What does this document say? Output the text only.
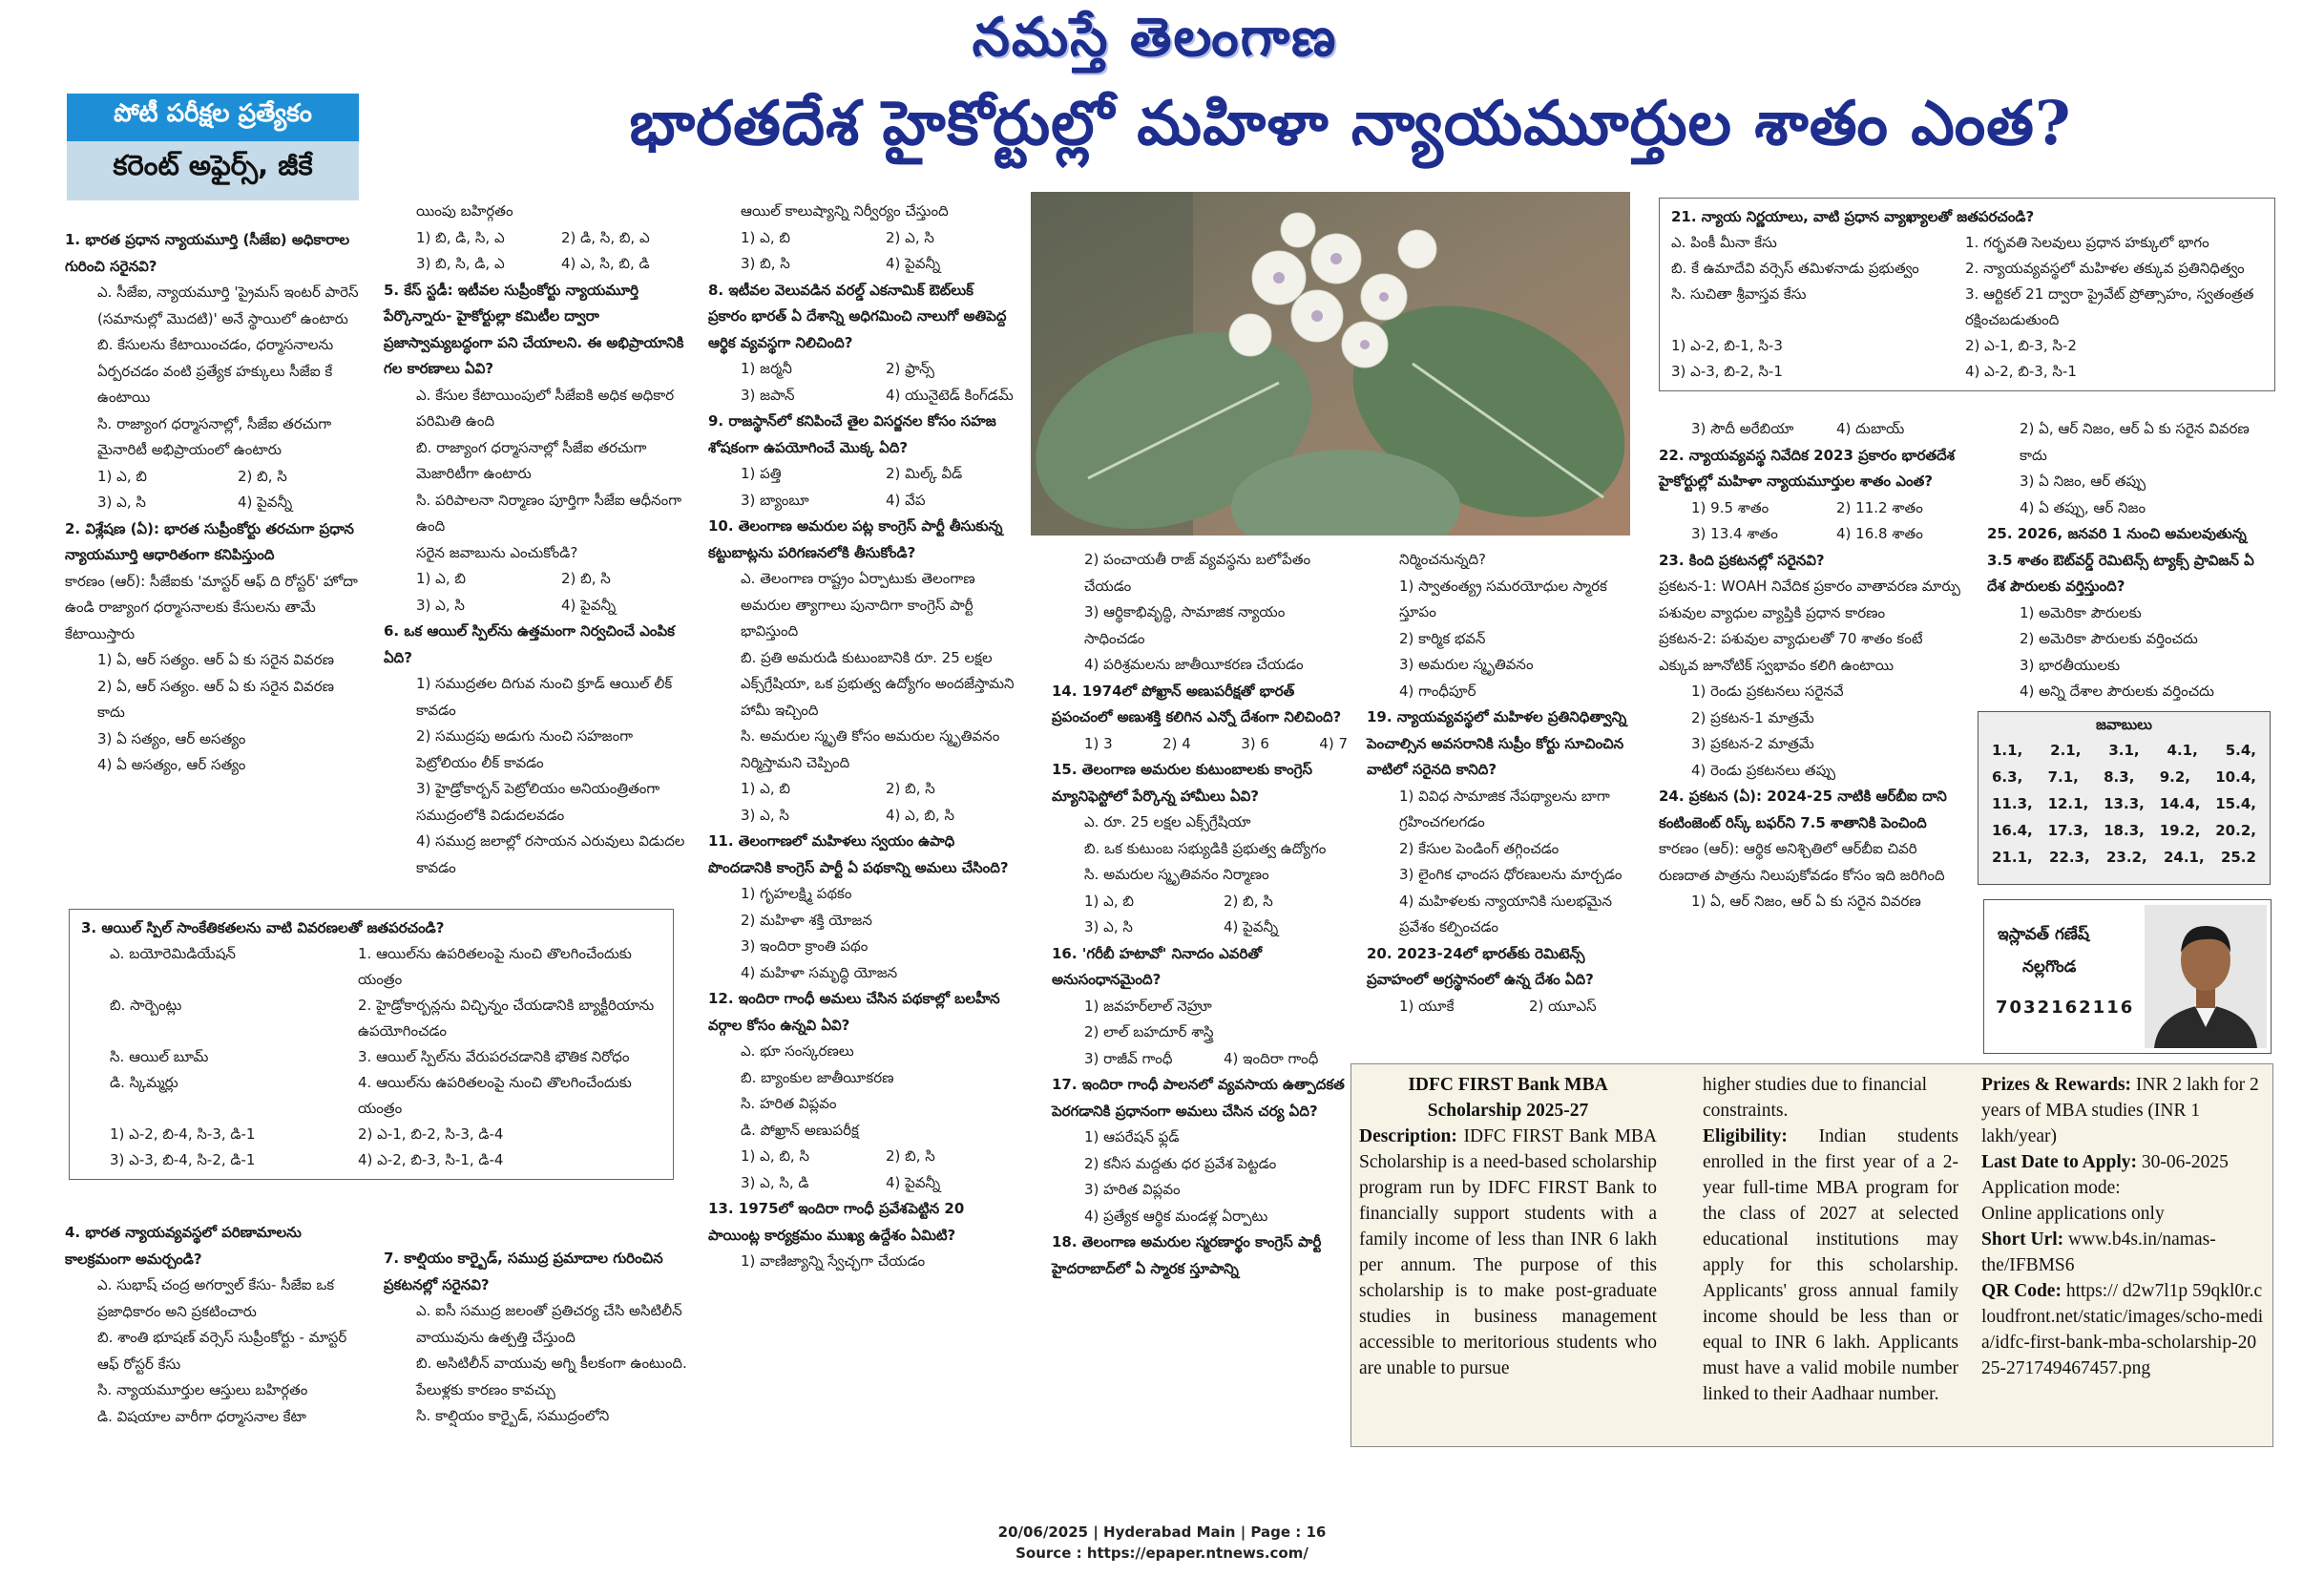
నమస్తే తెలంగాణ
పోటీ పరీక్షల ప్రత్యేకం
కరెంట్ అఫైర్స్, జీకే
భారతదేశ హైకోర్టుల్లో మహిళా న్యాయమూర్తుల శాతం ఎంత?

1. భారత ప్రధాన న్యాయమూర్తి (సీజేఐ) అధికారాల గురించి సరైనవి?

ఎ. సీజేఐ, న్యాయమూర్తి 'ప్రైమస్ ఇంటర్ పారెస్ (సమానుల్లో మొదటి)' అనే స్థాయిలో ఉంటారు

బి. కేసులను కేటాయించడం, ధర్మాసనాలను ఏర్పరచడం వంటి ప్రత్యేక హక్కులు సీజేఐ కే ఉంటాయి

సి. రాజ్యాంగ ధర్మాసనాల్లో, సీజేఐ తరచుగా మైనారిటీ అభిప్రాయంలో ఉంటారు

1) ఎ, బి	2) బి, సి
3) ఎ, సి	4) పైవన్నీ

2. విశ్లేషణ (ఏ): భారత సుప్రీంకోర్టు తరచుగా ప్రధాన న్యాయమూర్తి ఆధారితంగా కనిపిస్తుంది

కారణం (ఆర్): సీజేఐకు 'మాస్టర్ ఆఫ్ ది రోస్టర్' హోదా ఉండి రాజ్యాంగ ధర్మాసనాలకు కేసులను తామే కేటాయిస్తారు

1) ఏ, ఆర్ సత్యం. ఆర్ ఏ కు సరైన వివరణ

2) ఏ, ఆర్ సత్యం. ఆర్ ఏ కు సరైన వివరణ కాదు

3) ఏ సత్యం, ఆర్ అసత్యం

4) ఏ అసత్యం, ఆర్ సత్యం

3. ఆయిల్ స్పిల్ సాంకేతికతలను వాటి వివరణలతో జతపరచండి?

ఎ. బయోరెమిడియేషన్	1. ఆయిల్‌ను ఉపరితలంపై నుంచి తొలగించేందుకు యంత్రం
బి. సార్బెంట్లు	2. హైడ్రోకార్బన్లను విచ్ఛిన్నం చేయడానికి బ్యాక్టీరియాను ఉపయోగించడం
సి. ఆయిల్ బూమ్	3. ఆయిల్ స్పిల్‌ను వేరుపరచడానికి భౌతిక నిరోధం
డి. స్కిమ్మర్లు	4. ఆయిల్‌ను ఉపరితలంపై నుంచి తొలగించేందుకు యంత్రం
1) ఎ-2, బి-4, సి-3, డి-1	2) ఎ-1, బి-2, సి-3, డి-4
3) ఎ-3, బి-4, సి-2, డి-1	4) ఎ-2, బి-3, సి-1, డి-4

4. భారత న్యాయవ్యవస్థలో పరిణామాలను కాలక్రమంగా అమర్చండి?

ఎ. సుభాష్ చంద్ర అగర్వాల్ కేసు- సీజేఐ ఒక ప్రజాధికారం అని ప్రకటించారు

బి. శాంతి భూషణ్ వర్సెస్ సుప్రీంకోర్టు - మాస్టర్ ఆఫ్ రోస్టర్ కేసు

సి. న్యాయమూర్తుల ఆస్తులు బహిర్గతం

డి. విషయాల వారీగా ధర్మాసనాల కేటా

యింపు బహిర్గతం

1) బి, డి, సి, ఎ	2) డి, సి, బి, ఎ
3) బి, సి, డి, ఎ	4) ఎ, సి, బి, డి

5. కేస్ స్టడీ: ఇటీవల సుప్రీంకోర్టు న్యాయమూర్తి పేర్కొన్నారు- హైకోర్టుల్లా కమిటీల ద్వారా ప్రజాస్వామ్యబద్ధంగా పని చేయాలని. ఈ అభిప్రాయానికి గల కారణాలు ఏవి?

ఎ. కేసుల కేటాయింపులో సీజేఐకి అధిక అధికార పరిమితి ఉంది

బి. రాజ్యాంగ ధర్మాసనాల్లో సీజేఐ తరచుగా మెజారిటీగా ఉంటారు

సి. పరిపాలనా నిర్మాణం పూర్తిగా సీజేఐ ఆధీనంగా ఉంది

సరైన జవాబును ఎంచుకోండి?

1) ఎ, బి	2) బి, సి
3) ఎ, సి	4) పైవన్నీ

6. ఒక ఆయిల్ స్పిల్‌ను ఉత్తమంగా నిర్వచించే ఎంపిక ఏది?

1) సముద్రతల దిగువ నుంచి క్రూడ్ ఆయిల్ లీక్ కావడం

2) సముద్రపు అడుగు నుంచి సహజంగా పెట్రోలియం లీక్ కావడం

3) హైడ్రోకార్బన్ పెట్రోలియం అనియంత్రితంగా సముద్రంలోకి విడుదలవడం

4) సముద్ర జలాల్లో రసాయన ఎరువులు విడుదల కావడం

7. కాల్షియం కార్బైడ్, సముద్ర ప్రమాదాల గురించిన ప్రకటనల్లో సరైనవి?

ఎ. ఐసీ సముద్ర జలంతో ప్రతిచర్య చేసి అసిటిలీన్ వాయువును ఉత్పత్తి చేస్తుంది

బి. అసిటిలీన్ వాయువు అగ్ని కీలకంగా ఉంటుంది. పేలుళ్లకు కారణం కావచ్చు

సి. కాల్షియం కార్బైడ్, సముద్రంలోని

ఆయిల్ కాలుష్యాన్ని నిర్వీర్యం చేస్తుంది

1) ఎ, బి	2) ఎ, సి
3) బి, సి	4) పైవన్నీ

8. ఇటీవల వెలువడిన వరల్డ్ ఎకనామిక్ ఔట్‌లుక్ ప్రకారం భారత్ ఏ దేశాన్ని అధిగమించి నాలుగో అతిపెద్ద ఆర్థిక వ్యవస్థగా నిలిచింది?

1) జర్మనీ	2) ఫ్రాన్స్
3) జపాన్	4) యునైటెడ్ కింగ్‌డమ్

9. రాజస్థాన్‌లో కనిపించే తైల విసర్జనల కోసం సహజ శోషకంగా ఉపయోగించే మొక్క ఏది?

1) పత్తి	2) మిల్క్ వీడ్
3) బ్యాంబూ	4) వేప

10. తెలంగాణ అమరుల పట్ల కాంగ్రెస్ పార్టీ తీసుకున్న కట్టుబాట్లను పరిగణనలోకి తీసుకోండి?

ఎ. తెలంగాణ రాష్ట్రం ఏర్పాటుకు తెలంగాణ అమరుల త్యాగాలు పునాదిగా కాంగ్రెస్ పార్టీ భావిస్తుంది

బి. ప్రతి అమరుడి కుటుంబానికి రూ. 25 లక్షల ఎక్స్‌గ్రేషియా, ఒక ప్రభుత్వ ఉద్యోగం అందజేస్తామని హామీ ఇచ్చింది

సి. అమరుల స్మృతి కోసం అమరుల స్మృతివనం నిర్మిస్తామని చెప్పింది

1) ఎ, బి	2) బి, సి
3) ఎ, సి	4) ఎ, బి, సి

11. తెలంగాణలో మహిళలు స్వయం ఉపాధి పొందడానికి కాంగ్రెస్ పార్టీ ఏ పథకాన్ని అమలు చేసింది?

1) గృహలక్ష్మి పథకం

2) మహిళా శక్తి యోజన

3) ఇందిరా క్రాంతి పథం

4) మహిళా సమృద్ధి యోజన

12. ఇందిరా గాంధీ అమలు చేసిన పథకాల్లో బలహీన వర్గాల కోసం ఉన్నవి ఏవి?

ఎ. భూ సంస్కరణలు

బి. బ్యాంకుల జాతీయీకరణ

సి. హరిత విప్లవం

డి. పోఖ్రాన్ అణుపరీక్ష

1) ఎ, బి, సి	2) బి, సి
3) ఎ, సి, డి	4) పైవన్నీ

13. 1975లో ఇందిరా గాంధీ ప్రవేశపెట్టిన 20 పాయింట్ల కార్యక్రమం ముఖ్య ఉద్దేశం ఏమిటి?

1) వాణిజ్యాన్ని స్వేచ్ఛగా చేయడం

2) పంచాయతీ రాజ్ వ్యవస్థను బలోపేతం చేయడం

3) ఆర్థికాభివృద్ధి, సామాజిక న్యాయం సాధించడం

4) పరిశ్రమలను జాతీయీకరణ చేయడం

14. 1974లో పోఖ్రాన్ అణుపరీక్షతో భారత్ ప్రపంచంలో అణుశక్తి కలిగిన ఎన్నో దేశంగా నిలిచింది?

1) 3	2) 4	3) 6	4) 7

15. తెలంగాణ అమరుల కుటుంబాలకు కాంగ్రెస్ మ్యానిఫెస్టోలో పేర్కొన్న హామీలు ఏవి?

ఎ. రూ. 25 లక్షల ఎక్స్‌గ్రేషియా

బి. ఒక కుటుంబ సభ్యుడికి ప్రభుత్వ ఉద్యోగం

సి. అమరుల స్మృతివనం నిర్మాణం

1) ఎ, బి	2) బి, సి
3) ఎ, సి	4) పైవన్నీ

16. 'గరీబీ హటావో' నినాదం ఎవరితో అనుసంధానమైంది?

1) జవహర్‌లాల్ నెహ్రూ

2) లాల్ బహదూర్ శాస్త్రి

3) రాజీవ్ గాంధీ	4) ఇందిరా గాంధీ

17. ఇందిరా గాంధీ పాలనలో వ్యవసాయ ఉత్పాదకత పెరగడానికి ప్రధానంగా అమలు చేసిన చర్య ఏది?

1) ఆపరేషన్ ఫ్లడ్

2) కనీస మద్దతు ధర ప్రవేశ పెట్టడం

3) హరిత విప్లవం

4) ప్రత్యేక ఆర్థిక మండళ్ల ఏర్పాటు

18. తెలంగాణ అమరుల స్మరణార్థం కాంగ్రెస్ పార్టీ హైదరాబాద్‌లో ఏ స్మారక స్తూపాన్ని

నిర్మించనున్నది?

1) స్వాతంత్య్ర సమరయోధుల స్మారక స్తూపం

2) కార్మిక భవన్

3) అమరుల స్మృతివనం

4) గాంధీపూర్

19. న్యాయవ్యవస్థలో మహిళల ప్రతినిధిత్వాన్ని పెంచాల్సిన అవసరానికి సుప్రీం కోర్టు సూచించిన వాటిలో సరైనది కానిది?

1) వివిధ సామాజిక నేపథ్యాలను బాగా గ్రహించగలగడం

2) కేసుల పెండింగ్ తగ్గించడం

3) లైంగిక ఛాందస ధోరణులను మార్చడం

4) మహిళలకు న్యాయానికి సులభమైన ప్రవేశం కల్పించడం

20. 2023-24లో భారత్‌కు రెమిటెన్స్ ప్రవాహంలో అగ్రస్థానంలో ఉన్న దేశం ఏది?

1) యూకే	2) యూఎస్

21. న్యాయ నిర్ణయాలు, వాటి ప్రధాన వ్యాఖ్యాలతో జతపరచండి?

ఎ. పింకీ మీనా కేసు	1. గర్భవతి సెలవులు ప్రధాన హక్కులో భాగం
బి. కే ఉమాదేవి వర్సెస్ తమిళనాడు ప్రభుత్వం	2. న్యాయవ్యవస్థలో మహిళల తక్కువ ప్రతినిధిత్వం
సి. సుచితా శ్రీవాస్తవ కేసు	3. ఆర్టికల్ 21 ద్వారా ప్రైవేట్ ప్రోత్సాహం, స్వతంత్రత రక్షించబడుతుంది
1) ఎ-2, బి-1, సి-3	2) ఎ-1, బి-3, సి-2
3) ఎ-3, బి-2, సి-1	4) ఎ-2, బి-3, సి-1
3) సౌదీ అరేబియా	4) దుబాయ్

22. న్యాయవ్యవస్థ నివేదిక 2023 ప్రకారం భారతదేశ హైకోర్టుల్లో మహిళా న్యాయమూర్తుల శాతం ఎంత?

1) 9.5 శాతం	2) 11.2 శాతం
3) 13.4 శాతం	4) 16.8 శాతం

23. కింది ప్రకటనల్లో సరైనవి?

ప్రకటన-1: WOAH నివేదిక ప్రకారం వాతావరణ మార్పు పశువుల వ్యాధుల వ్యాప్తికి ప్రధాన కారణం

ప్రకటన-2: పశువుల వ్యాధులతో 70 శాతం కంటే ఎక్కువ జూనోటిక్ స్వభావం కలిగి ఉంటాయి

1) రెండు ప్రకటనలు సరైనవే

2) ప్రకటన-1 మాత్రమే

3) ప్రకటన-2 మాత్రమే

4) రెండు ప్రకటనలు తప్పు

24. ప్రకటన (ఏ): 2024-25 నాటికి ఆర్‌బీఐ దాని కంటింజెంట్ రిస్క్ బఫర్‌ని 7.5 శాతానికి పెంచింది

కారణం (ఆర్): ఆర్థిక అనిశ్చితిలో ఆర్‌బీఐ చివరి రుణదాత పాత్రను నిలుపుకోవడం కోసం ఇది జరిగింది

1) ఏ, ఆర్ నిజం, ఆర్ ఏ కు సరైన వివరణ

2) ఏ, ఆర్ నిజం, ఆర్ ఏ కు సరైన వివరణ కాదు

3) ఏ నిజం, ఆర్ తప్పు

4) ఏ తప్పు, ఆర్ నిజం

25. 2026, జనవరి 1 నుంచి అమలవుతున్న 3.5 శాతం ఔట్‌వర్డ్ రెమిటెన్స్ ట్యాక్స్ ప్రావిజన్ ఏ దేశ పౌరులకు వర్తిస్తుంది?

1) అమెరికా పౌరులకు

2) అమెరికా పౌరులకు వర్తించదు

3) భారతీయులకు

4) అన్ని దేశాల పౌరులకు వర్తించదు

జవాబులు
1.1, 2.1, 3.1, 4.1, 5.4,
6.3, 7.1, 8.3, 9.2, 10.4,
11.3, 12.1, 13.3, 14.4, 15.4,
16.4, 17.3, 18.3, 19.2, 20.2,
21.1, 22.3, 23.2, 24.1, 25.2
ఇస్లావత్ గణేష్
నల్లగొండ
7032162116
IDFC FIRST Bank MBA
Scholarship 2025-27
Description: IDFC FIRST Bank MBA Scholarship is a need-based scholarship program run by IDFC FIRST Bank to financially support students with a family income of less than INR 6 lakh per annum. The purpose of this scholarship is to make post-graduate studies in business management accessible to meritorious students who are unable to pursue
higher studies due to financial constraints.
Eligibility: Indian students enrolled in the first year of a 2-year full-time MBA program for the class of 2027 at selected educational institutions may apply for this scholarship. Applicants' gross annual family income should be less than or equal to INR 6 lakh. Applicants must have a valid mobile number linked to their Aadhaar number.
Prizes & Rewards: INR 2 lakh for 2 years of MBA studies (INR 1 lakh/year)
Last Date to Apply: 30-06-2025
Application mode:
Online applications only
Short Url: www.b4s.in/namas-the/IFBMS6
QR Code: https:// d2w7l1p 59qkl0r.cloudfront.net/static/images/scho-media/idfc-first-bank-mba-scholarship-2025-271749467457.png
20/06/2025 | Hyderabad Main | Page : 16
Source : https://epaper.ntnews.com/
